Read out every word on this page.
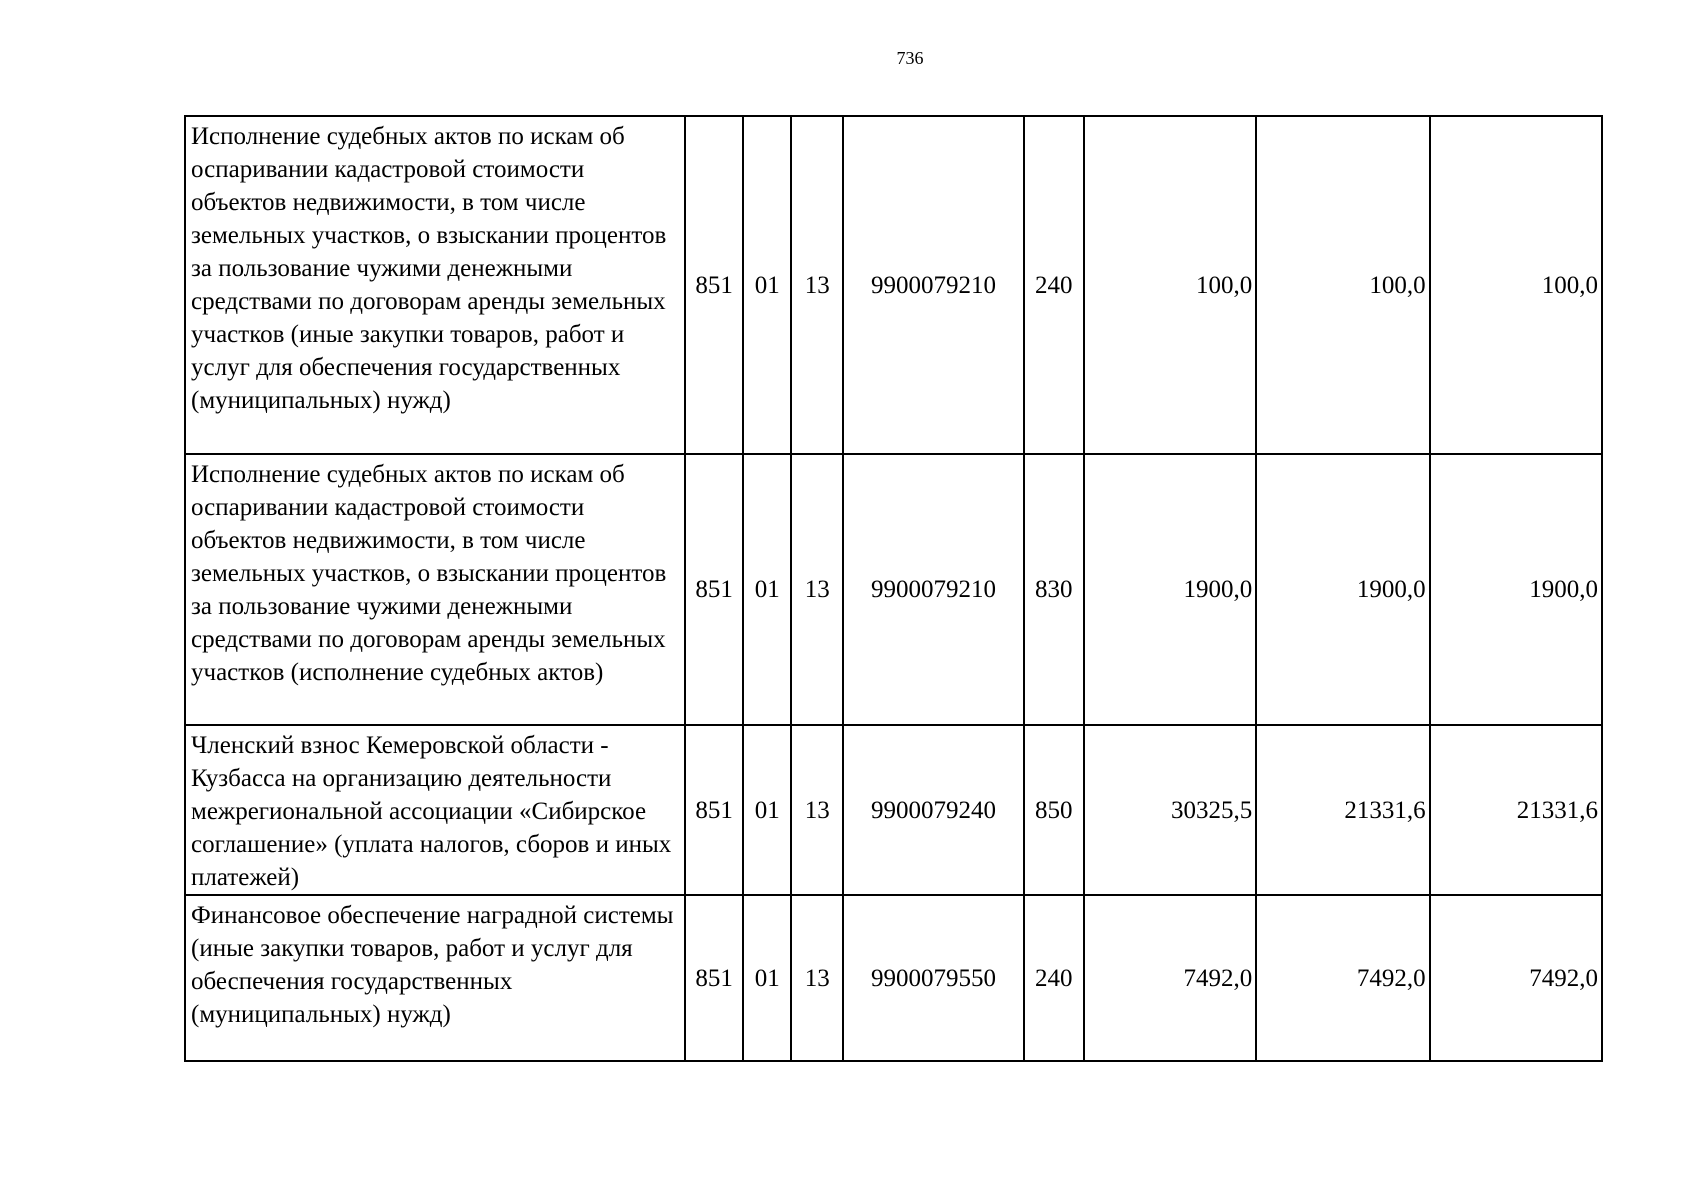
736
Исполнение судебных актов по искам об оспаривании кадастровой стоимости объектов недвижимости, в том числе земельных участков, о взыскании процентов за пользование чужими денежными средствами по договорам аренды земельных участков (иные закупки товаров, работ и услуг для обеспечения государственных (муниципальных) нужд)	851	01	13	9900079210	240	100,0	100,0	100,0
Исполнение судебных актов по искам об оспаривании кадастровой стоимости объектов недвижимости, в том числе земельных участков, о взыскании процентов за пользование чужими денежными средствами по договорам аренды земельных участков (исполнение судебных актов)	851	01	13	9900079210	830	1900,0	1900,0	1900,0
Членский взнос Кемеровской области - Кузбасса на организацию деятельности межрегиональной ассоциации «Сибирское соглашение» (уплата налогов, сборов и иных платежей)	851	01	13	9900079240	850	30325,5	21331,6	21331,6
Финансовое обеспечение наградной системы (иные закупки товаров, работ и услуг для обеспечения государственных (муниципальных) нужд)	851	01	13	9900079550	240	7492,0	7492,0	7492,0
